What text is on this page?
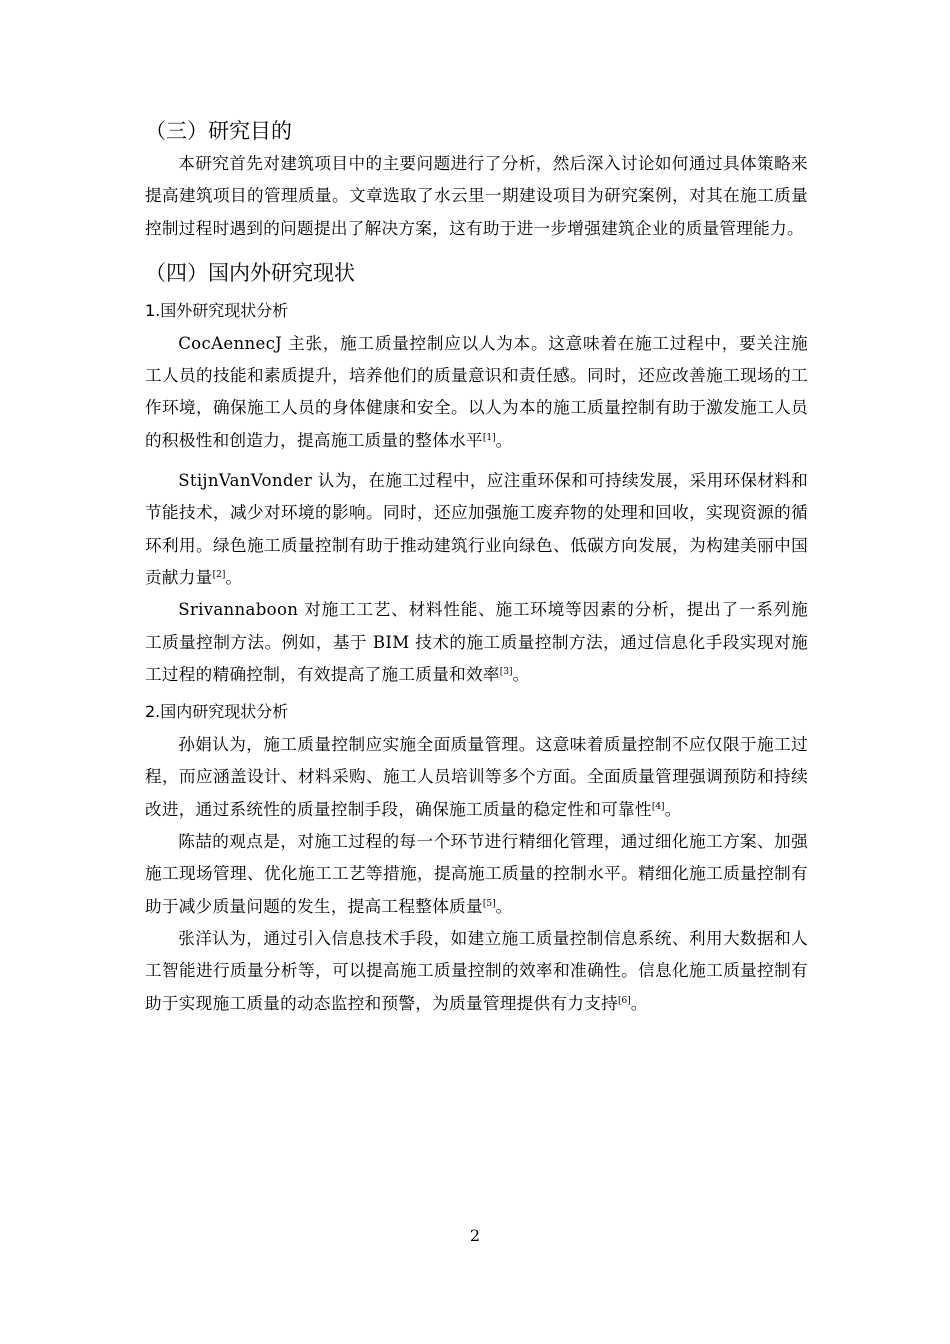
（三）研究目的

本研究首先对建筑项目中的主要问题进行了分析，然后深入讨论如何通过具体策略来提高建筑项目的管理质量。文章选取了水云里一期建设项目为研究案例，对其在施工质量控制过程时遇到的问题提出了解决方案，这有助于进一步增强建筑企业的质量管理能力。

（四）国内外研究现状
1.国外研究现状分析

CocAennecJ 主张，施工质量控制应以人为本。这意味着在施工过程中，要关注施工人员的技能和素质提升，培养他们的质量意识和责任感。同时，还应改善施工现场的工作环境，确保施工人员的身体健康和安全。以人为本的施工质量控制有助于激发施工人员的积极性和创造力，提高施工质量的整体水平[1]。

StijnVanVonder 认为，在施工过程中，应注重环保和可持续发展，采用环保材料和节能技术，减少对环境的影响。同时，还应加强施工废弃物的处理和回收，实现资源的循环利用。绿色施工质量控制有助于推动建筑行业向绿色、低碳方向发展，为构建美丽中国贡献力量[2]。

Srivannaboon 对施工工艺、材料性能、施工环境等因素的分析，提出了一系列施工质量控制方法。例如，基于 BIM 技术的施工质量控制方法，通过信息化手段实现对施工过程的精确控制，有效提高了施工质量和效率[3]。

2.国内研究现状分析

孙娟认为，施工质量控制应实施全面质量管理。这意味着质量控制不应仅限于施工过程，而应涵盖设计、材料采购、施工人员培训等多个方面。全面质量管理强调预防和持续改进，通过系统性的质量控制手段，确保施工质量的稳定性和可靠性[4]。

陈喆的观点是，对施工过程的每一个环节进行精细化管理，通过细化施工方案、加强施工现场管理、优化施工工艺等措施，提高施工质量的控制水平。精细化施工质量控制有助于减少质量问题的发生，提高工程整体质量[5]。

张洋认为，通过引入信息技术手段，如建立施工质量控制信息系统、利用大数据和人工智能进行质量分析等，可以提高施工质量控制的效率和准确性。信息化施工质量控制有助于实现施工质量的动态监控和预警，为质量管理提供有力支持[6]。

2
